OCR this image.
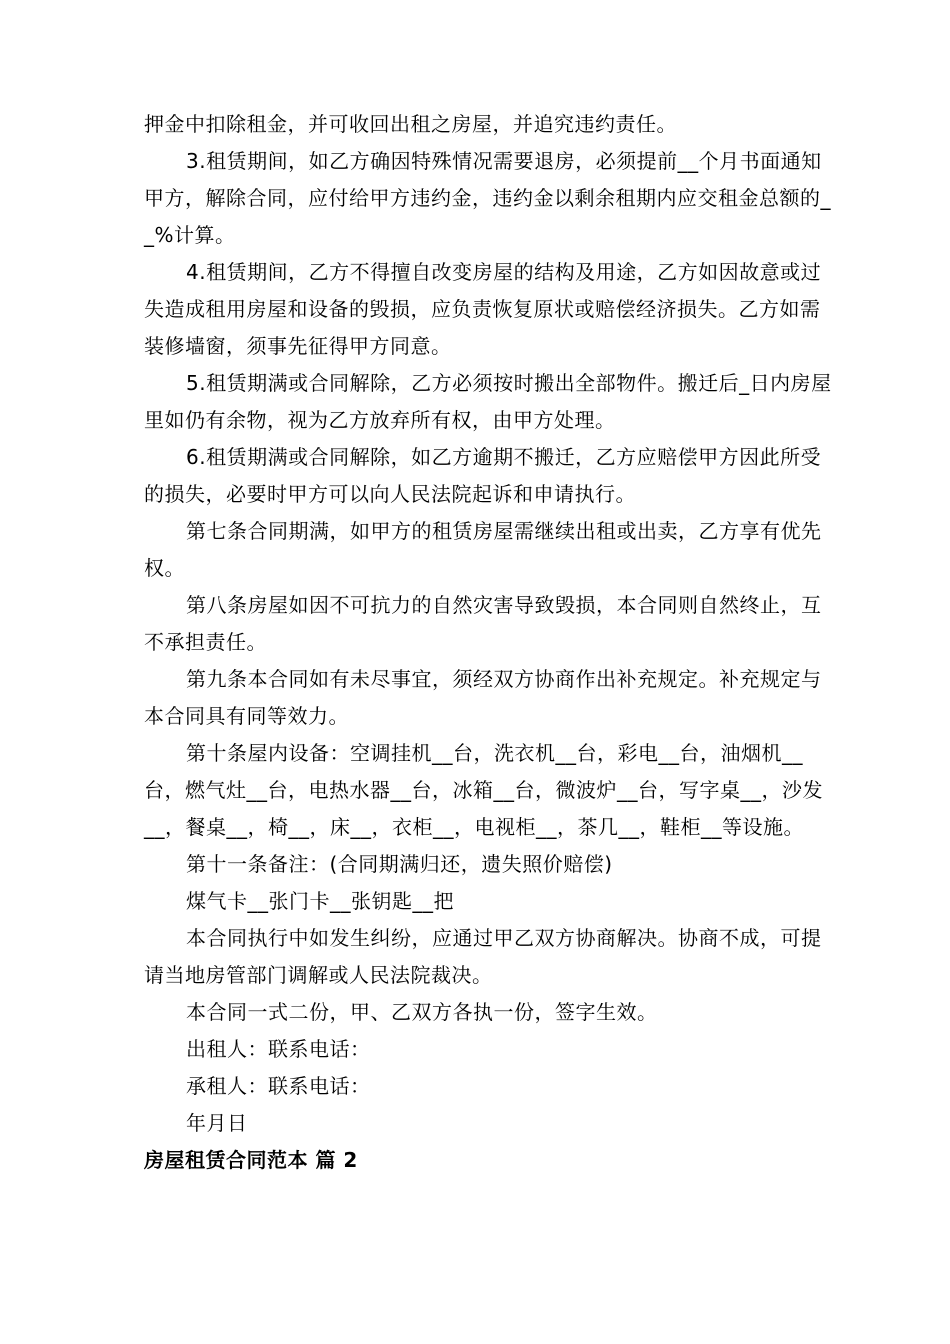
押金中扣除租金，并可收回出租之房屋，并追究违约责任。

3.租赁期间，如乙方确因特殊情况需要退房，必须提前__个月书面通知甲方，解除合同，应付给甲方违约金，违约金以剩余租期内应交租金总额的__%计算。

4.租赁期间，乙方不得擅自改变房屋的结构及用途，乙方如因故意或过失造成租用房屋和设备的毁损，应负责恢复原状或赔偿经济损失。乙方如需装修墙窗，须事先征得甲方同意。

5.租赁期满或合同解除，乙方必须按时搬出全部物件。搬迁后_日内房屋里如仍有余物，视为乙方放弃所有权，由甲方处理。

6.租赁期满或合同解除，如乙方逾期不搬迁，乙方应赔偿甲方因此所受的损失，必要时甲方可以向人民法院起诉和申请执行。

第七条合同期满，如甲方的租赁房屋需继续出租或出卖，乙方享有优先权。

第八条房屋如因不可抗力的自然灾害导致毁损，本合同则自然终止，互不承担责任。

第九条本合同如有未尽事宜，须经双方协商作出补充规定。补充规定与本合同具有同等效力。

第十条屋内设备：空调挂机__台，洗衣机__台，彩电__台，油烟机__台，燃气灶__台，电热水器__台，冰箱__台，微波炉__台，写字桌__，沙发__，餐桌__，椅__，床__，衣柜__，电视柜__，茶几__，鞋柜__等设施。

第十一条备注：(合同期满归还，遗失照价赔偿)

煤气卡__张门卡__张钥匙__把

本合同执行中如发生纠纷，应通过甲乙双方协商解决。协商不成，可提请当地房管部门调解或人民法院裁决。

本合同一式二份，甲、乙双方各执一份，签字生效。

出租人：联系电话：

承租人：联系电话：

年月日

房屋租赁合同范本 篇 2
